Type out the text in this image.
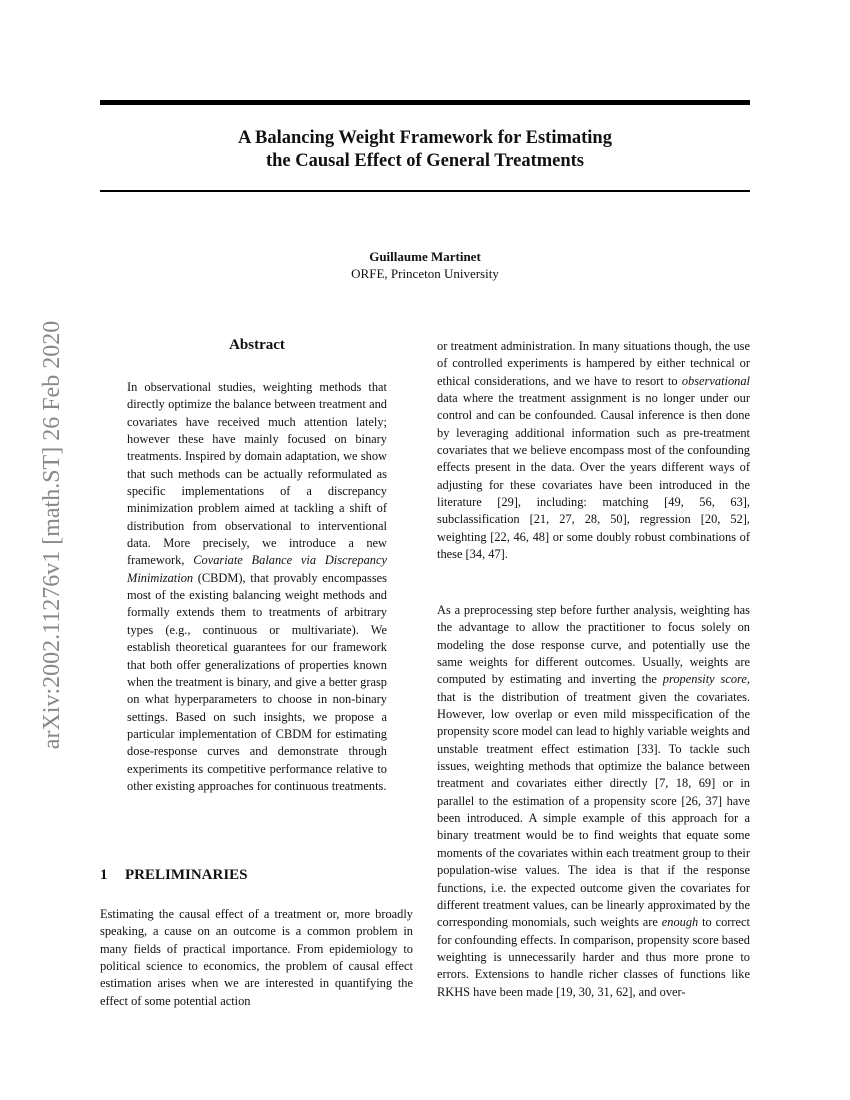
A Balancing Weight Framework for Estimating
the Causal Effect of General Treatments
Guillaume Martinet
ORFE, Princeton University
arXiv:2002.11276v1 [math.ST] 26 Feb 2020	Abstract
In observational studies, weighting methods that directly optimize the balance between treatment and covariates have received much attention lately; however these have mainly focused on binary treatments. Inspired by domain adaptation, we show that such methods can be actually reformulated as specific implementations of a discrepancy minimization problem aimed at tackling a shift of distribution from observational to interventional data. More precisely, we introduce a new framework, Covariate Balance via Discrepancy Minimization (CBDM), that provably encompasses most of the existing balancing weight methods and formally extends them to treatments of arbitrary types (e.g., continuous or multivariate). We establish theoretical guarantees for our framework that both offer generalizations of properties known when the treatment is binary, and give a better grasp on what hyperparameters to choose in non-binary settings. Based on such insights, we propose a particular implementation of CBDM for estimating dose-response curves and demonstrate through experiments its competitive performance relative to other existing approaches for continuous treatments.
1 PRELIMINARIES
Estimating the causal effect of a treatment or, more broadly speaking, a cause on an outcome is a common problem in many fields of practical importance. From epidemiology to political science to economics, the problem of causal effect estimation arises when we are interested in quantifying the effect of some potential action
or treatment administration. In many situations though, the use of controlled experiments is hampered by either technical or ethical considerations, and we have to resort to observational data where the treatment assignment is no longer under our control and can be confounded. Causal inference is then done by leveraging additional information such as pre-treatment covariates that we believe encompass most of the confounding effects present in the data. Over the years different ways of adjusting for these covariates have been introduced in the literature [29], including: matching [49, 56, 63], subclassification [21, 27, 28, 50], regression [20, 52], weighting [22, 46, 48] or some doubly robust combinations of these [34, 47].
As a preprocessing step before further analysis, weighting has the advantage to allow the practitioner to focus solely on modeling the dose response curve, and potentially use the same weights for different outcomes. Usually, weights are computed by estimating and inverting the propensity score, that is the distribution of treatment given the covariates. However, low overlap or even mild misspecification of the propensity score model can lead to highly variable weights and unstable treatment effect estimation [33]. To tackle such issues, weighting methods that optimize the balance between treatment and covariates either directly [7, 18, 69] or in parallel to the estimation of a propensity score [26, 37] have been introduced. A simple example of this approach for a binary treatment would be to find weights that equate some moments of the covariates within each treatment group to their population-wise values. The idea is that if the response functions, i.e. the expected outcome given the covariates for different treatment values, can be linearly approximated by the corresponding monomials, such weights are enough to correct for confounding effects. In comparison, propensity score based weighting is unnecessarily harder and thus more prone to errors. Extensions to handle richer classes of functions like RKHS have been made [19, 30, 31, 62], and over-
